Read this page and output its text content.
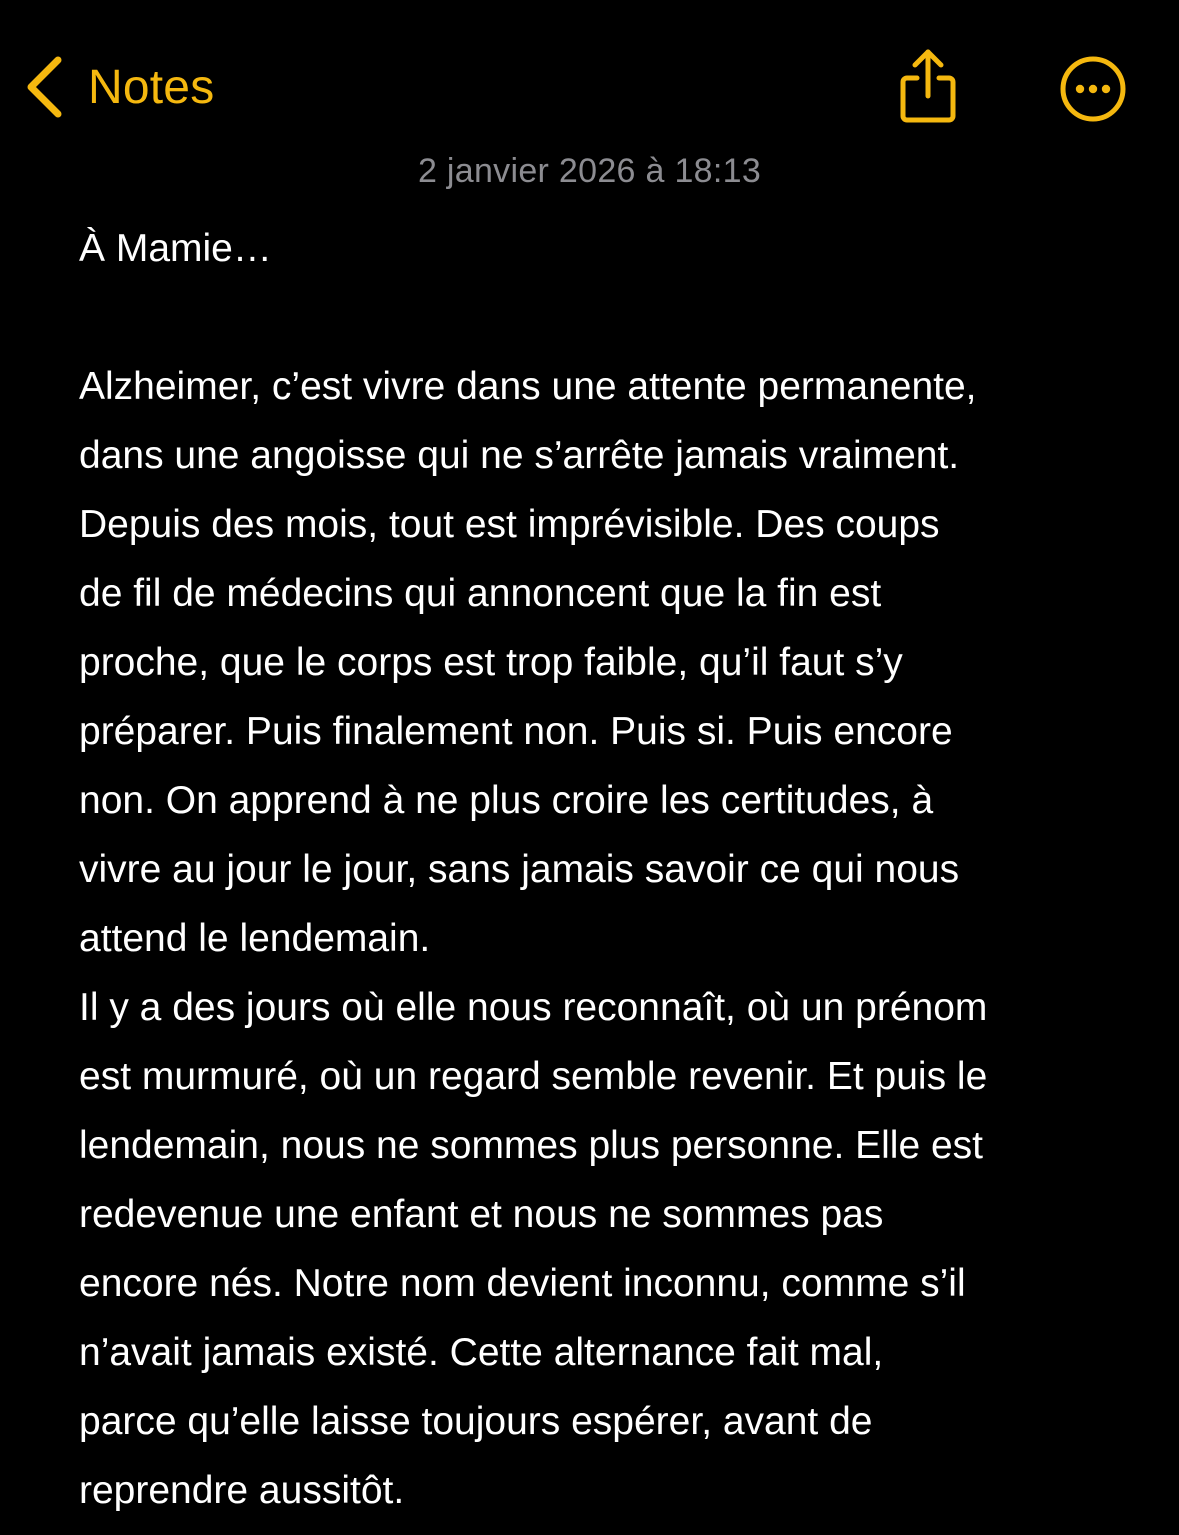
Notes
2 janvier 2026 à 18:13

À Mamie…

Alzheimer, c’est vivre dans une attente permanente,
dans une angoisse qui ne s’arrête jamais vraiment.
Depuis des mois, tout est imprévisible. Des coups
de fil de médecins qui annoncent que la fin est
proche, que le corps est trop faible, qu’il faut s’y
préparer. Puis finalement non. Puis si. Puis encore
non. On apprend à ne plus croire les certitudes, à
vivre au jour le jour, sans jamais savoir ce qui nous
attend le lendemain.

Il y a des jours où elle nous reconnaît, où un prénom
est murmuré, où un regard semble revenir. Et puis le
lendemain, nous ne sommes plus personne. Elle est
redevenue une enfant et nous ne sommes pas
encore nés. Notre nom devient inconnu, comme s’il
n’avait jamais existé. Cette alternance fait mal,
parce qu’elle laisse toujours espérer, avant de
reprendre aussitôt.
